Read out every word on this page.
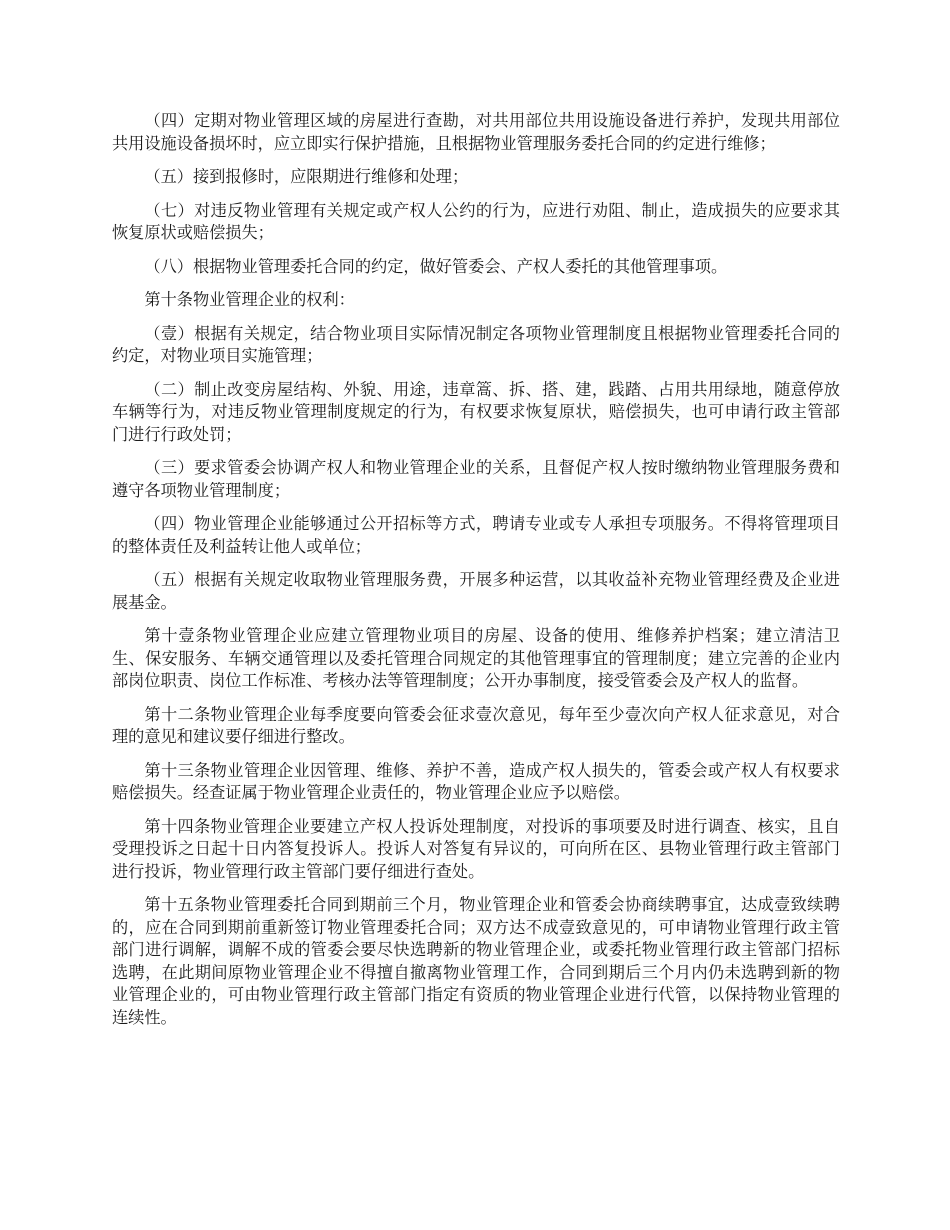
（四）定期对物业管理区域的房屋进行查勘，对共用部位共用设施设备进行养护，发现共用部位共用设施设备损坏时，应立即实行保护措施，且根据物业管理服务委托合同的约定进行维修；

（五）接到报修时，应限期进行维修和处理；

（七）对违反物业管理有关规定或产权人公约的行为，应进行劝阻、制止，造成损失的应要求其恢复原状或赔偿损失；

（八）根据物业管理委托合同的约定，做好管委会、产权人委托的其他管理事项。

第十条物业管理企业的权利：

（壹）根据有关规定，结合物业项目实际情况制定各项物业管理制度且根据物业管理委托合同的约定，对物业项目实施管理；

（二）制止改变房屋结构、外貌、用途，违章篙、拆、搭、建，践踏、占用共用绿地，随意停放车辆等行为，对违反物业管理制度规定的行为，有权要求恢复原状，赔偿损失，也可申请行政主管部门进行行政处罚；

（三）要求管委会协调产权人和物业管理企业的关系，且督促产权人按时缴纳物业管理服务费和遵守各项物业管理制度；

（四）物业管理企业能够通过公开招标等方式，聘请专业或专人承担专项服务。不得将管理项目的整体责任及利益转让他人或单位；

（五）根据有关规定收取物业管理服务费，开展多种运营，以其收益补充物业管理经费及企业进展基金。

第十壹条物业管理企业应建立管理物业项目的房屋、设备的使用、维修养护档案；建立清洁卫生、保安服务、车辆交通管理以及委托管理合同规定的其他管理事宜的管理制度；建立完善的企业内部岗位职责、岗位工作标准、考核办法等管理制度；公开办事制度，接受管委会及产权人的监督。

第十二条物业管理企业每季度要向管委会征求壹次意见，每年至少壹次向产权人征求意见，对合理的意见和建议要仔细进行整改。

第十三条物业管理企业因管理、维修、养护不善，造成产权人损失的，管委会或产权人有权要求赔偿损失。经查证属于物业管理企业责任的，物业管理企业应予以赔偿。

第十四条物业管理企业要建立产权人投诉处理制度，对投诉的事项要及时进行调查、核实，且自受理投诉之日起十日内答复投诉人。投诉人对答复有异议的，可向所在区、县物业管理行政主管部门进行投诉，物业管理行政主管部门要仔细进行查处。

第十五条物业管理委托合同到期前三个月，物业管理企业和管委会协商续聘事宜，达成壹致续聘的，应在合同到期前重新签订物业管理委托合同；双方达不成壹致意见的，可申请物业管理行政主管部门进行调解，调解不成的管委会要尽快选聘新的物业管理企业，或委托物业管理行政主管部门招标选聘，在此期间原物业管理企业不得擅自撤离物业管理工作，合同到期后三个月内仍未选聘到新的物业管理企业的，可由物业管理行政主管部门指定有资质的物业管理企业进行代管，以保持物业管理的连续性。
